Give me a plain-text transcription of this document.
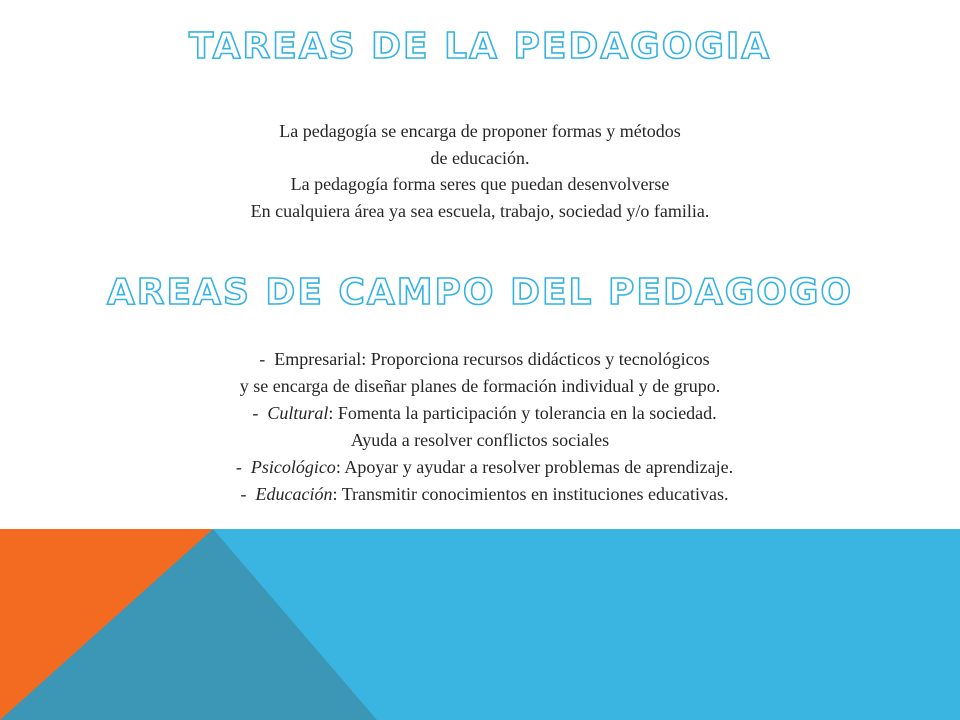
TAREAS DE LA PEDAGOGIA
La pedagogía se encarga de proponer formas y métodos
de educación.
La pedagogía forma seres que puedan desenvolverse
En cualquiera área ya sea escuela, trabajo, sociedad y/o familia.
AREAS DE CAMPO DEL PEDAGOGO
- Empresarial: Proporciona recursos didácticos y tecnológicos
y se encarga de diseñar planes de formación individual y de grupo.
- Cultural: Fomenta la participación y tolerancia en la sociedad.
Ayuda a resolver conflictos sociales
- Psicológico: Apoyar y ayudar a resolver problemas de aprendizaje.
- Educación: Transmitir conocimientos en instituciones educativas.
